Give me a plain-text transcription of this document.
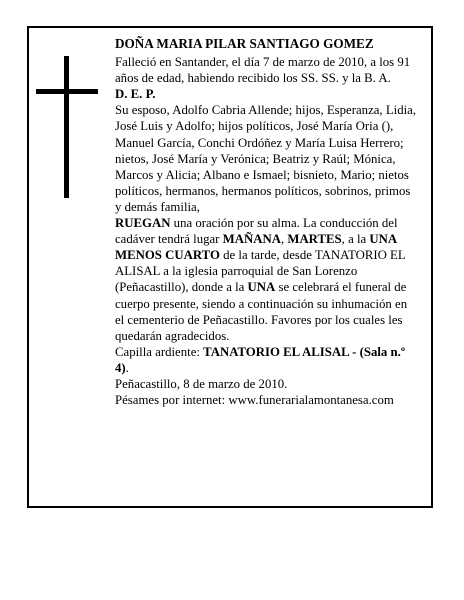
DOÑA MARIA PILAR SANTIAGO GOMEZ

Falleció en Santander, el día 7 de marzo de 2010, a los 91 años de edad, habiendo recibido los SS. SS. y la B. A.

D. E. P.

Su esposo, Adolfo Cabria Allende; hijos, Esperanza, Lidia, José Luis y Adolfo; hijos políticos, José María Oria (), Manuel García, Conchi Ordóñez y María Luisa Herrero; nietos, José María y Verónica; Beatriz y Raúl; Mónica, Marcos y Alicia; Albano e Ismael; bisnieto, Mario; nietos políticos, hermanos, hermanos políticos, sobrinos, primos y demás familia,

RUEGAN una oración por su alma. La conducción del cadáver tendrá lugar MAÑANA, MARTES, a la UNA MENOS CUARTO de la tarde, desde TANATORIO EL ALISAL a la iglesia parroquial de San Lorenzo (Peñacastillo), donde a la UNA se celebrará el funeral de cuerpo presente, siendo a continuación su inhumación en el cementerio de Peñacastillo. Favores por los cuales les quedarán agradecidos.

Capilla ardiente: TANATORIO EL ALISAL - (Sala n.º 4).

Peñacastillo, 8 de marzo de 2010.

Pésames por internet: www.funerarialamontanesa.com
